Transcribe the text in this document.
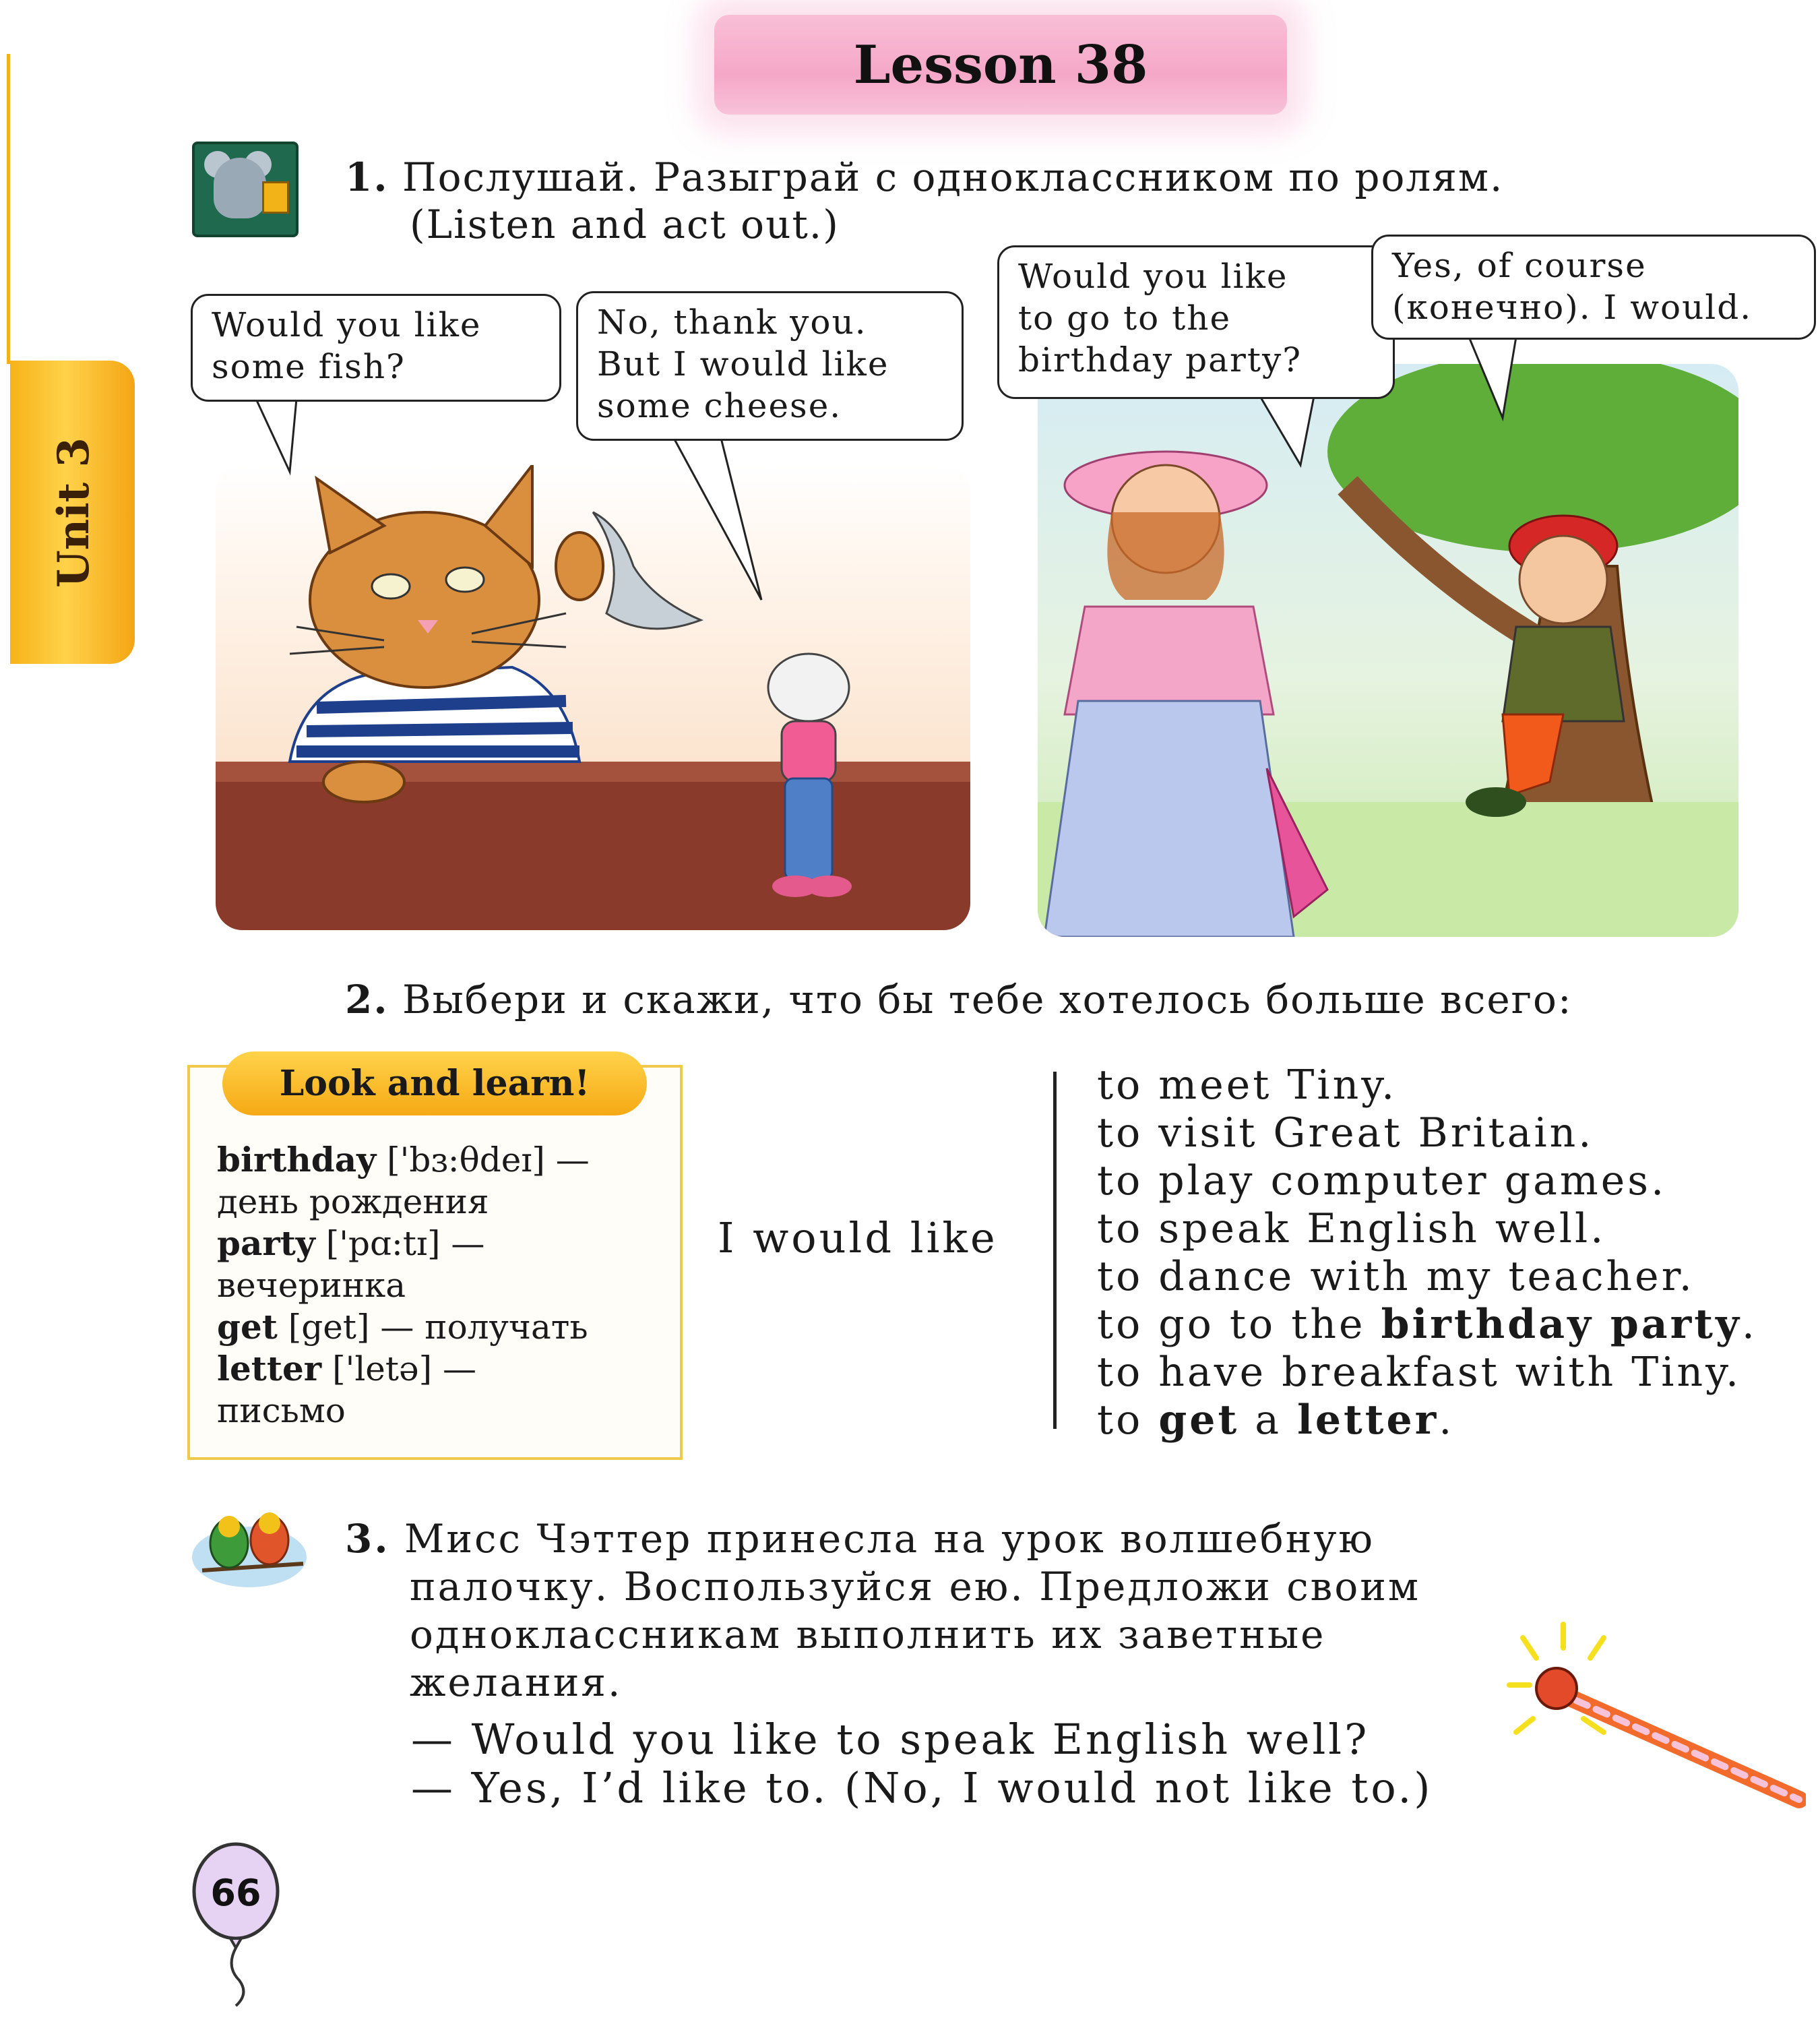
Lesson 38
Unit 3
1. Послушай. Разыграй с одноклассником по ролям.
(Listen and act out.)
Would you like
some fish?
No, thank you.
But I would like
some cheese.
Would you like
to go to the
birthday party?
Yes, of course
(конечно). I would.
2. Выбери и скажи, что бы тебе хотелось больше всего:
Look and learn!
birthday ['bɜ:θdeɪ] —
день рождения
party ['pɑ:tɪ] —
вечеринка
get [get] — получать
letter ['letə] —
письмо
I would like
to meet Tiny.
to visit Great Britain.
to play computer games.
to speak English well.
to dance with my teacher.
to go to the birthday party.
to have breakfast with Tiny.
to get a letter.
3. Мисс Чэттер принесла на урок волшебную
палочку. Воспользуйся ею. Предложи своим
одноклассникам выполнить их заветные
желания.
— Would you like to speak English well?
— Yes, I’d like to. (No, I would not like to.)
66
